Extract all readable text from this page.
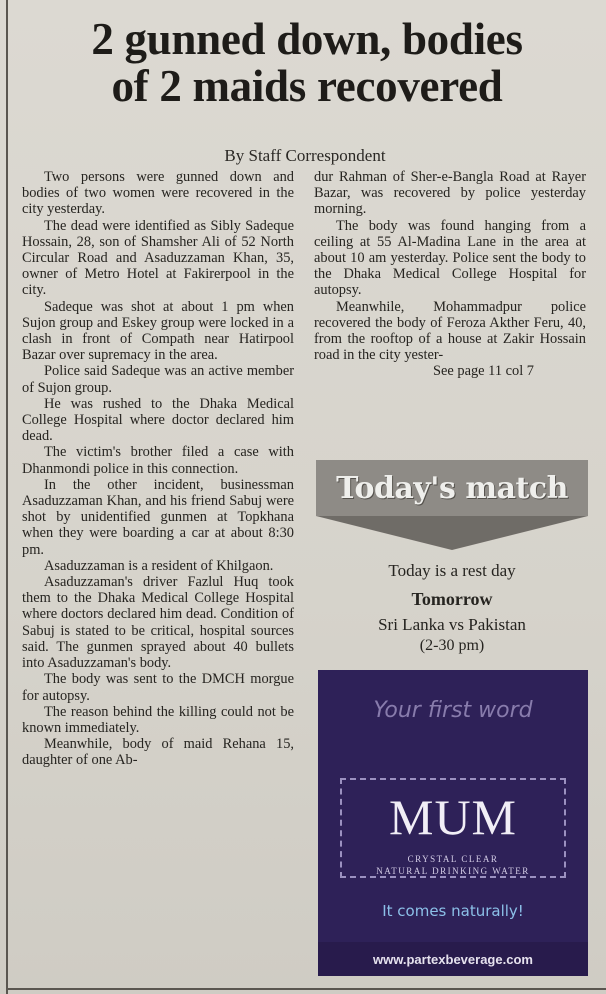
2 gunned down, bodies
of 2 maids recovered
By Staff Correspondent

Two persons were gunned down and bodies of two women were recovered in the city yesterday.

The dead were identified as Sibly Sadeque Hossain, 28, son of Shamsher Ali of 52 North Circular Road and Asaduzzaman Khan, 35, owner of Metro Hotel at Fakirerpool in the city.

Sadeque was shot at about 1 pm when Sujon group and Eskey group were locked in a clash in front of Compath near Hatirpool Bazar over supremacy in the area.

Police said Sadeque was an active member of Sujon group.

He was rushed to the Dhaka Medical College Hospital where doctor declared him dead.

The victim's brother filed a case with Dhanmondi police in this connection.

In the other incident, businessman Asaduzzaman Khan, and his friend Sabuj were shot by unidentified gunmen at Topkhana when they were boarding a car at about 8:30 pm.

Asaduzzaman is a resident of Khilgaon.

Asaduzzaman's driver Fazlul Huq took them to the Dhaka Medical College Hospital where doctors declared him dead. Condition of Sabuj is stated to be critical, hospital sources said. The gunmen sprayed about 40 bullets into Asaduzzaman's body.

The body was sent to the DMCH morgue for autopsy.

The reason behind the killing could not be known immediately.

Meanwhile, body of maid Rehana 15, daughter of one Ab-

dur Rahman of Sher-e-Bangla Road at Rayer Bazar, was recovered by police yesterday morning.

The body was found hanging from a ceiling at 55 Al-Madina Lane in the area at about 10 am yesterday. Police sent the body to the Dhaka Medical College Hospital for autopsy.

Meanwhile, Mohammadpur police recovered the body of Feroza Akther Feru, 40, from the rooftop of a house at Zakir Hossain road in the city yester-

See page 11 col 7

Today's match
Today is a rest day
Tomorrow
Sri Lanka vs Pakistan
(2-30 pm)
Your first word
MUM
CRYSTAL CLEAR
NATURAL DRINKING WATER
It comes naturally!
www.partexbeverage.com
